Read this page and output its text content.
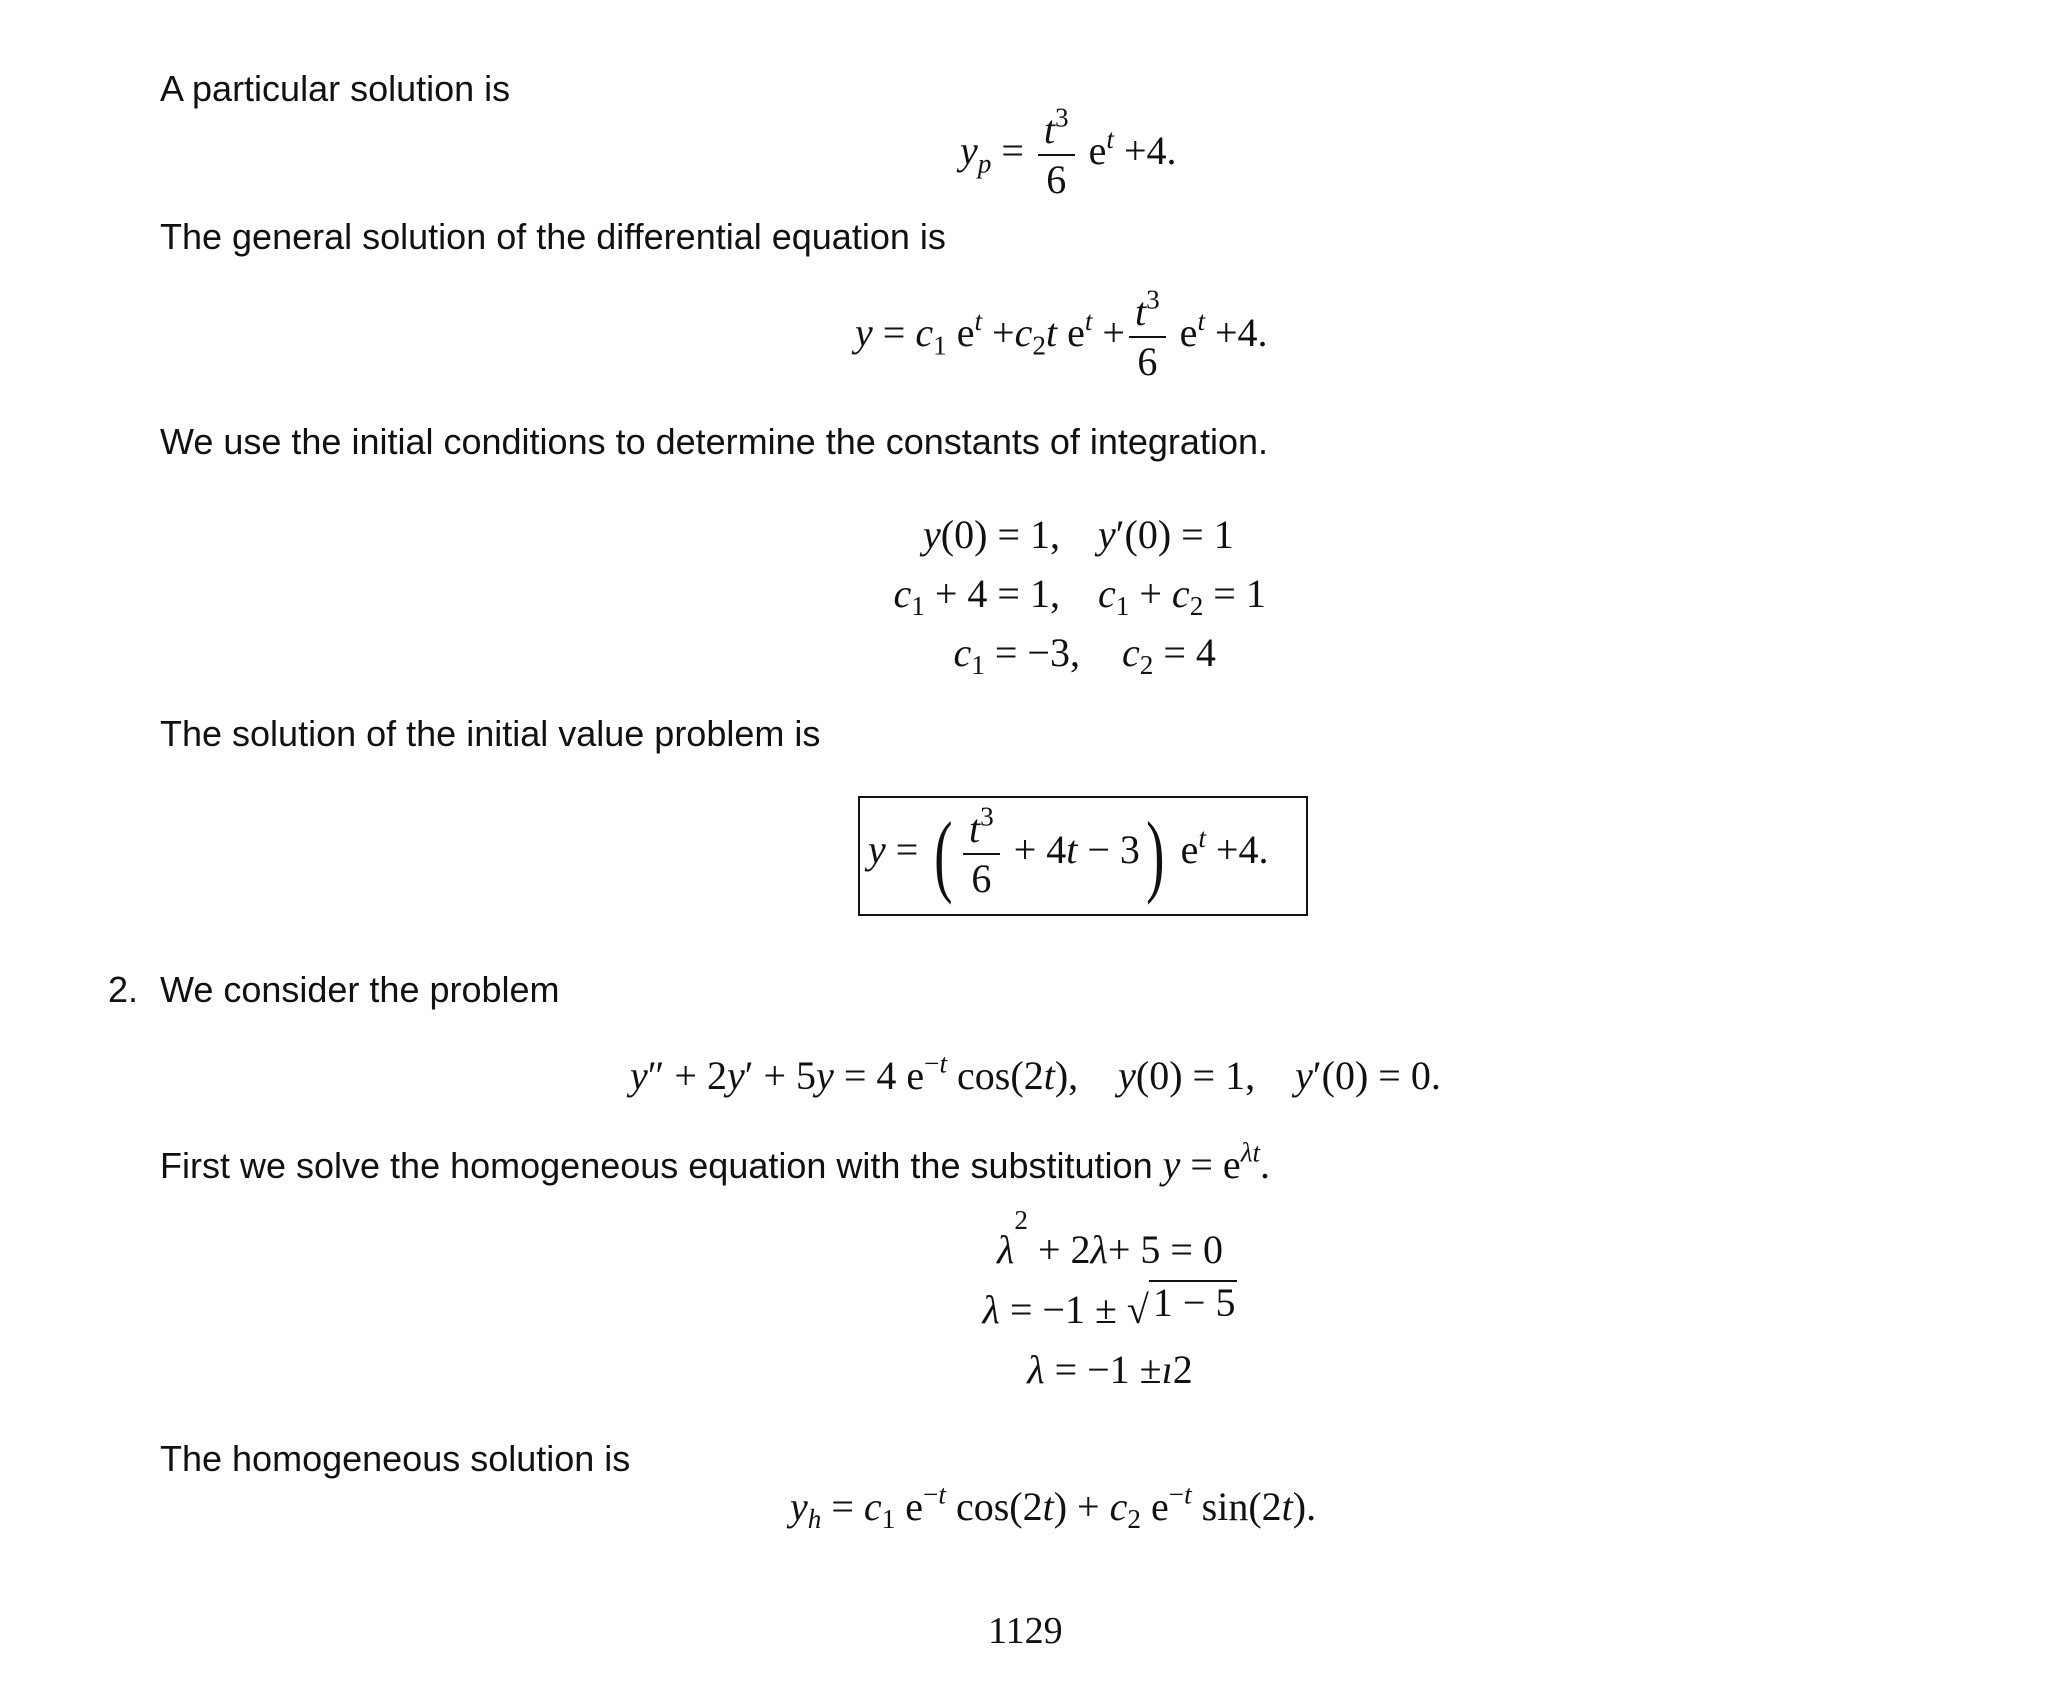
A particular solution is
$y_p = \frac{t^3}{6} e^t +4$.
The general solution of the differential equation is
$y = c_1$ $e^t +c_2t$ $e^t + \frac{t^3}{6} e^t +4$.
We use the initial conditions to determine the constants of integration.
y(0) = 1, y′(0) = 1
$c_1 + 4 = 1$, $c_1 + c_2 = 1$
$c_1 = -3$,	$c_2 = 4$
The solution of the initial value problem is
y = ( $\frac{t^3}{6} + 4t - 3$) $e^t +4$.
2. We consider the problem
y″ + 2y′ + 5y = 4 $e^{-t}$ cos(2t),    y(0) = 1,    y′(0) = 0.
First we solve the homogeneous equation with the substitution $y = e^{\lambda t}$.
λ
2
+ 2 λ + 5 = 0
λ = −1 ± √ 1 − 5
λ = −1 ± ı 2
The homogeneous solution is
$y_h = c_1$ $e^{-t}$ $\cos(2t) + c_2$ $e^{-t}$ sin(2t).
1129
